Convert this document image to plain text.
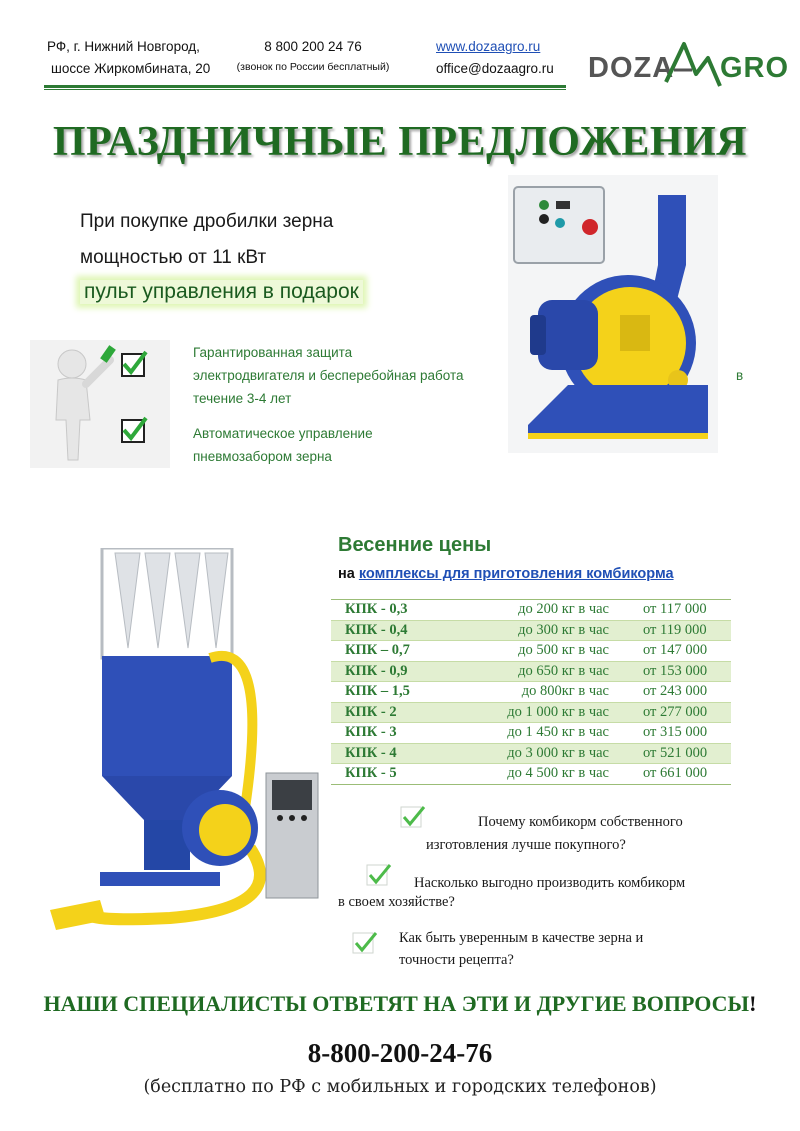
РФ, г. Нижний Новгород,
шоссе Жиркомбината, 20
8 800 200 24 76
(звонок по России бесплатный)
www.dozaagro.ru
office@dozaagro.ru DOZA GRO
ПРАЗДНИЧНЫЕ ПРЕДЛОЖЕНИЯ
При покупке дробилки зерна
мощностью от 11 кВт
пульт управления в подарок
Гарантированная защита
электродвигателя и бесперебойная работа
течение 3-4 лет
в
Автоматическое управление
пневмозабором зерна
Весенние цены
на комплексы для приготовления комбикорма
КПК - 0,3	до 200 кг в час	от 117 000
КПК - 0,4	до 300 кг в час	от 119 000
КПК – 0,7	до 500 кг в час	от 147 000
КПК - 0,9	до 650 кг в час	от 153 000
КПК – 1,5	до 800кг в час	от 243 000
КПК - 2	до 1 000 кг в час	от 277 000
КПК - 3	до 1 450 кг в час	от 315 000
КПК - 4	до 3 000 кг в час	от 521 000
КПК - 5	до 4 500 кг в час	от 661 000
Почему комбикорм собственного
изготовления лучше покупного?
Насколько выгодно производить комбикорм
в своем хозяйстве?
Как быть уверенным в качестве зерна и
точности рецепта?
НАШИ СПЕЦИАЛИСТЫ ОТВЕТЯТ НА ЭТИ И ДРУГИЕ ВОПРОСЫ!
8-800-200-24-76
(бесплатно по РФ с мобильных и городских телефонов)
